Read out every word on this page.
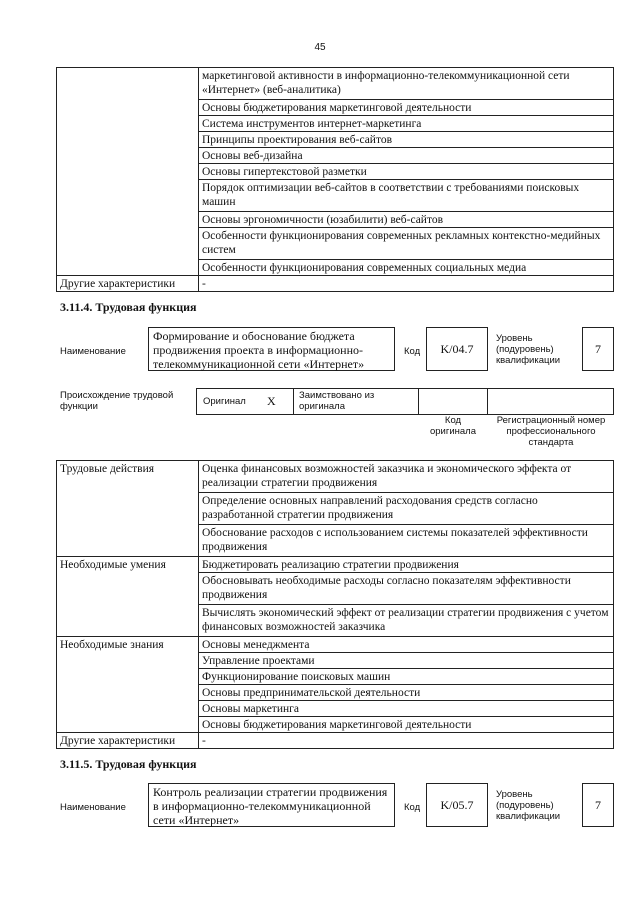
45
	маркетинговой активности в информационно-телекоммуникационной сети «Интернет» (веб-аналитика)
	Основы бюджетирования маркетинговой деятельности
	Система инструментов интернет-маркетинга
	Принципы проектирования веб-сайтов
	Основы веб-дизайна
	Основы гипертекстовой разметки
	Порядок оптимизации веб-сайтов в соответствии с требованиями поисковых машин
	Основы эргономичности (юзабилити) веб-сайтов
	Особенности функционирования современных рекламных контекстно-медийных систем
	Особенности функционирования современных социальных медиа
Другие характеристики	-
3.11.4. Трудовая функция
Наименование
Формирование и обоснование бюджета продвижения проекта в информационно-телекоммуникационной сети «Интернет»
Код K/04.7
Уровень (подуровень) квалификации
7
Происхождение трудовой функции	Оригинал X Заимствовано из оригинала
Код оригинала
Регистрационный номер профессионального стандарта
Трудовые действия	Оценка финансовых возможностей заказчика и экономического эффекта от реализации стратегии продвижения
	Определение основных направлений расходования средств согласно разработанной стратегии продвижения
	Обоснование расходов с использованием системы показателей эффективности продвижения
Необходимые умения	Бюджетировать реализацию стратегии продвижения
	Обосновывать необходимые расходы согласно показателям эффективности продвижения
	Вычислять экономический эффект от реализации стратегии продвижения с учетом финансовых возможностей заказчика
Необходимые знания	Основы менеджмента
	Управление проектами
	Функционирование поисковых машин
	Основы предпринимательской деятельности
	Основы маркетинга
	Основы бюджетирования маркетинговой деятельности
Другие характеристики	-
3.11.5. Трудовая функция
Наименование
Контроль реализации стратегии продвижения в информационно-телекоммуникационной сети «Интернет»
Код K/05.7
Уровень (подуровень) квалификации
7
